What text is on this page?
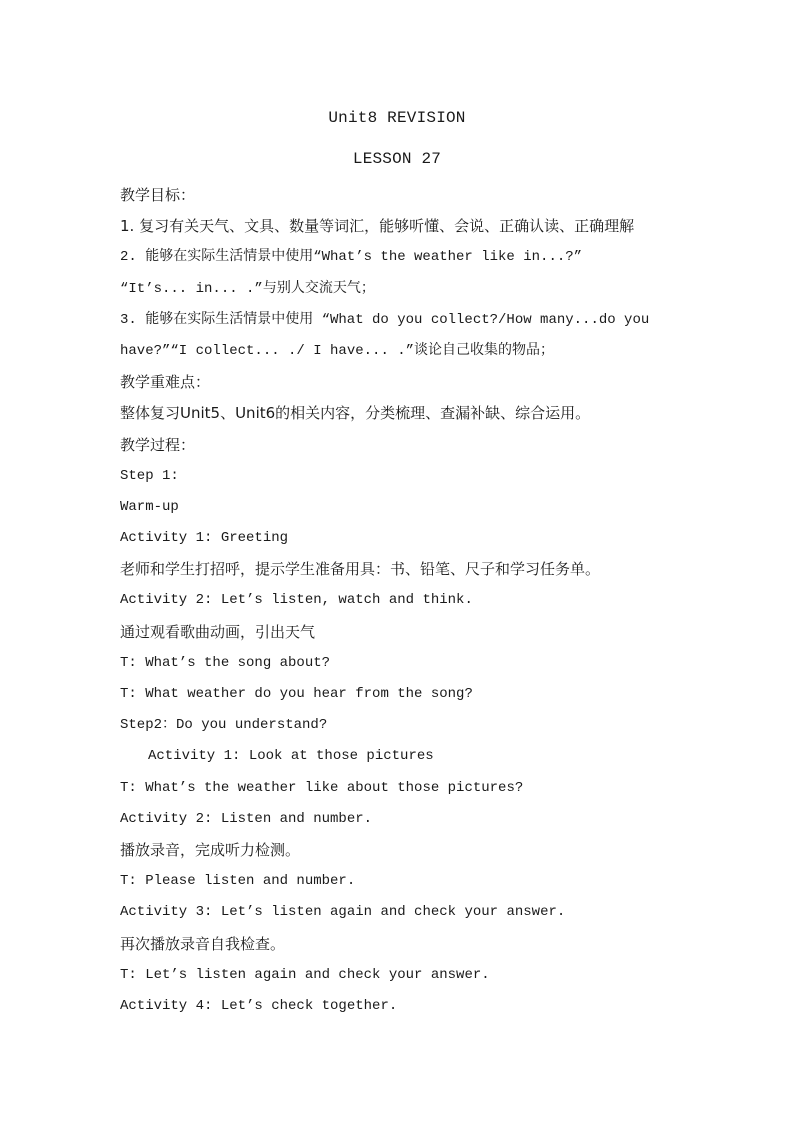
Unit8 REVISION
LESSON 27
教学目标：
1. 复习有关天气、文具、数量等词汇，能够听懂、会说、正确认读、正确理解
2. 能够在实际生活情景中使用“What’s the weather like in...?”
“It’s... in... .”与别人交流天气；
3. 能够在实际生活情景中使用 “What do you collect?/How many...do you
have?”“I collect... ./ I have... .”谈论自己收集的物品；
教学重难点：
整体复习Unit5、Unit6的相关内容，分类梳理、查漏补缺、综合运用。
教学过程：
Step 1:
Warm-up
Activity 1: Greeting
老师和学生打招呼，提示学生准备用具：书、铅笔、尺子和学习任务单。
Activity 2: Let’s listen, watch and think.
通过观看歌曲动画，引出天气
T: What’s the song about?
T: What weather do you hear from the song?
Step2：Do you understand?
Activity 1: Look at those pictures
T: What’s the weather like about those pictures?
Activity 2: Listen and number.
播放录音，完成听力检测。
T: Please listen and number.
Activity 3: Let’s listen again and check your answer.
再次播放录音自我检查。
T: Let’s listen again and check your answer.
Activity 4: Let’s check together.
